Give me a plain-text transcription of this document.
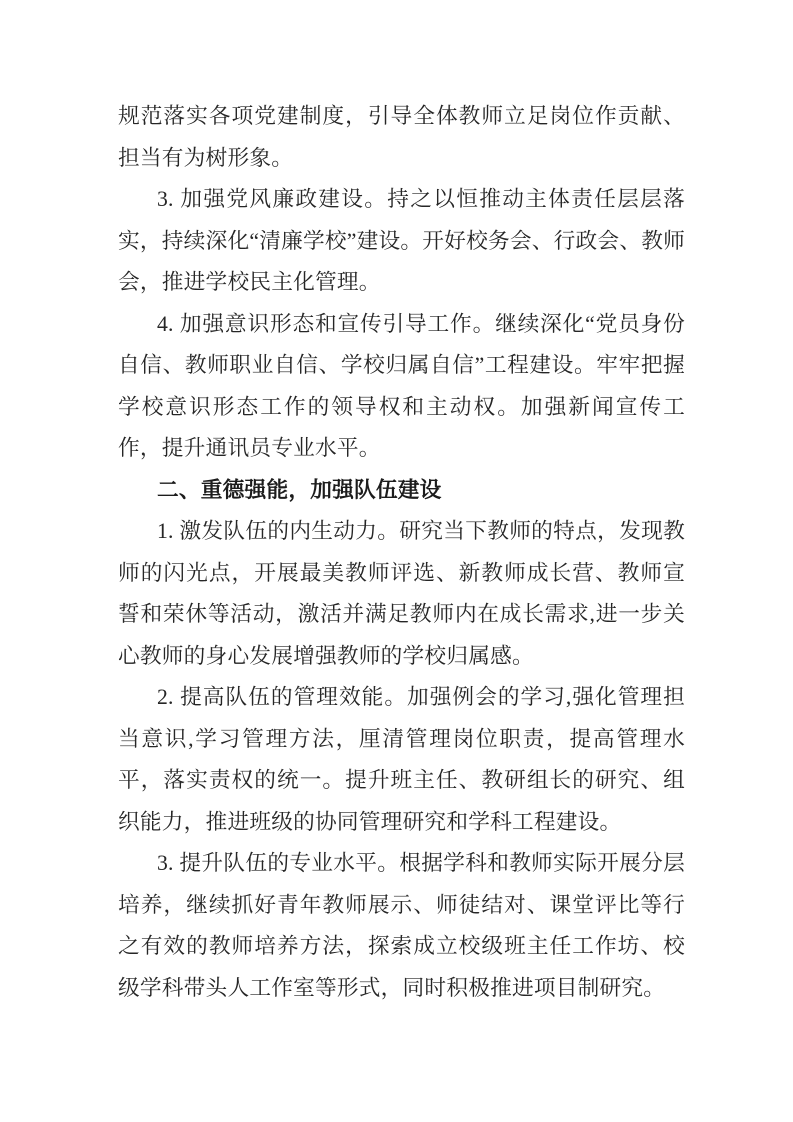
规范落实各项党建制度，引导全体教师立足岗位作贡献、担当有为树形象。

3. 加强党风廉政建设。持之以恒推动主体责任层层落实，持续深化“清廉学校”建设。开好校务会、行政会、教师会，推进学校民主化管理。

4. 加强意识形态和宣传引导工作。继续深化“党员身份自信、教师职业自信、学校归属自信”工程建设。牢牢把握学校意识形态工作的领导权和主动权。加强新闻宣传工作，提升通讯员专业水平。

二、重德强能，加强队伍建设

1. 激发队伍的内生动力。研究当下教师的特点，发现教师的闪光点，开展最美教师评选、新教师成长营、教师宣誓和荣休等活动，激活并满足教师内在成长需求,进一步关心教师的身心发展增强教师的学校归属感。

2. 提高队伍的管理效能。加强例会的学习,强化管理担当意识,学习管理方法，厘清管理岗位职责，提高管理水平，落实责权的统一。提升班主任、教研组长的研究、组织能力，推进班级的协同管理研究和学科工程建设。

3. 提升队伍的专业水平。根据学科和教师实际开展分层培养，继续抓好青年教师展示、师徒结对、课堂评比等行之有效的教师培养方法，探索成立校级班主任工作坊、校级学科带头人工作室等形式，同时积极推进项目制研究。
